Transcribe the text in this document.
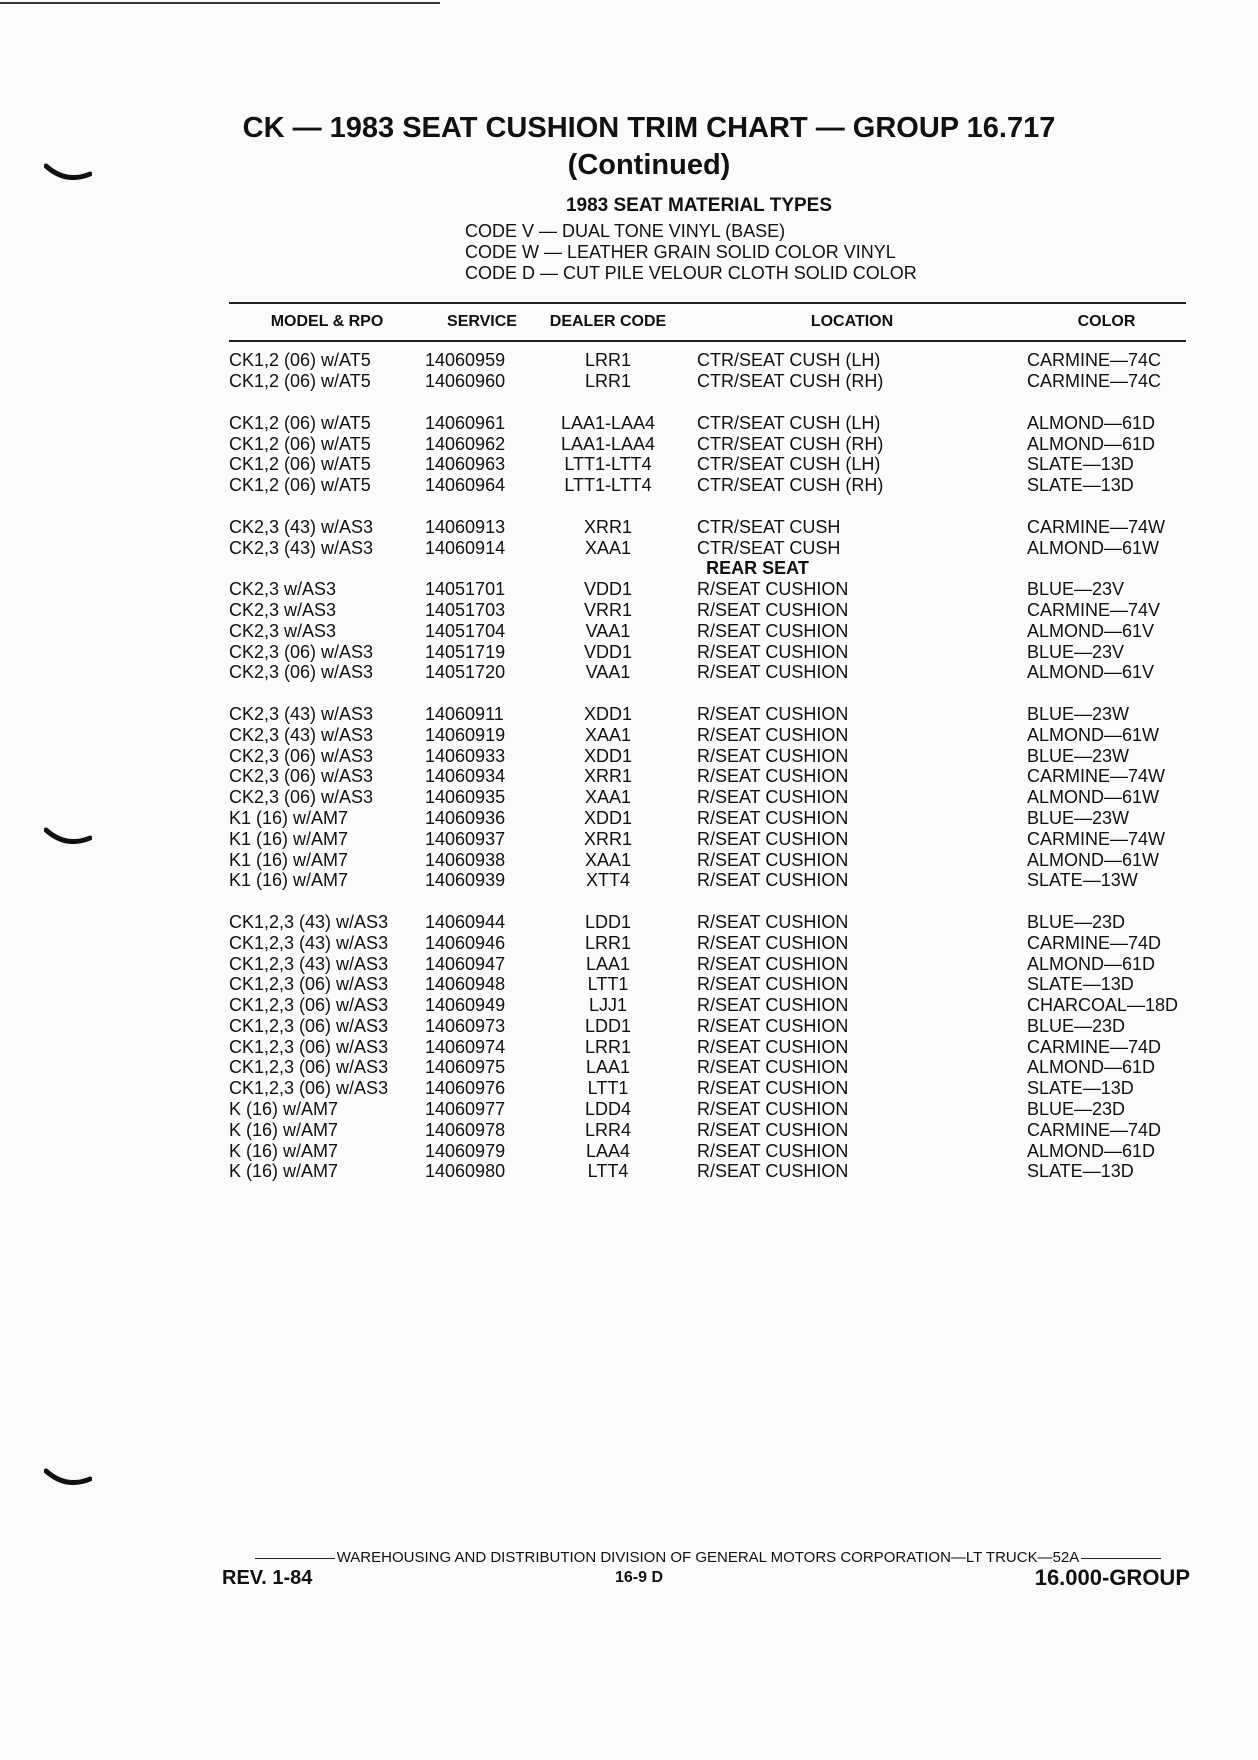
CK — 1983 SEAT CUSHION TRIM CHART — GROUP 16.717
(Continued)
1983 SEAT MATERIAL TYPES
CODE V — DUAL TONE VINYL (BASE)
CODE W — LEATHER GRAIN SOLID COLOR VINYL
CODE D — CUT PILE VELOUR CLOTH SOLID COLOR
MODEL & RPO	SERVICE	DEALER CODE	LOCATION	COLOR
CK1,2 (06) w/AT5	14060959	LRR1	CTR/SEAT CUSH (LH)	CARMINE—74C
CK1,2 (06) w/AT5	14060960	LRR1	CTR/SEAT CUSH (RH)	CARMINE—74C

CK1,2 (06) w/AT5	14060961	LAA1-LAA4	CTR/SEAT CUSH (LH)	ALMOND—61D
CK1,2 (06) w/AT5	14060962	LAA1-LAA4	CTR/SEAT CUSH (RH)	ALMOND—61D
CK1,2 (06) w/AT5	14060963	LTT1-LTT4	CTR/SEAT CUSH (LH)	SLATE—13D
CK1,2 (06) w/AT5	14060964	LTT1-LTT4	CTR/SEAT CUSH (RH)	SLATE—13D

CK2,3 (43) w/AS3	14060913	XRR1	CTR/SEAT CUSH	CARMINE—74W
CK2,3 (43) w/AS3	14060914	XAA1	CTR/SEAT CUSH	ALMOND—61W
REAR SEAT				
CK2,3 w/AS3	14051701	VDD1	R/SEAT CUSHION	BLUE—23V
CK2,3 w/AS3	14051703	VRR1	R/SEAT CUSHION	CARMINE—74V
CK2,3 w/AS3	14051704	VAA1	R/SEAT CUSHION	ALMOND—61V
CK2,3 (06) w/AS3	14051719	VDD1	R/SEAT CUSHION	BLUE—23V
CK2,3 (06) w/AS3	14051720	VAA1	R/SEAT CUSHION	ALMOND—61V

CK2,3 (43) w/AS3	14060911	XDD1	R/SEAT CUSHION	BLUE—23W
CK2,3 (43) w/AS3	14060919	XAA1	R/SEAT CUSHION	ALMOND—61W
CK2,3 (06) w/AS3	14060933	XDD1	R/SEAT CUSHION	BLUE—23W
CK2,3 (06) w/AS3	14060934	XRR1	R/SEAT CUSHION	CARMINE—74W
CK2,3 (06) w/AS3	14060935	XAA1	R/SEAT CUSHION	ALMOND—61W
K1 (16) w/AM7	14060936	XDD1	R/SEAT CUSHION	BLUE—23W
K1 (16) w/AM7	14060937	XRR1	R/SEAT CUSHION	CARMINE—74W
K1 (16) w/AM7	14060938	XAA1	R/SEAT CUSHION	ALMOND—61W
K1 (16) w/AM7	14060939	XTT4	R/SEAT CUSHION	SLATE—13W

CK1,2,3 (43) w/AS3	14060944	LDD1	R/SEAT CUSHION	BLUE—23D
CK1,2,3 (43) w/AS3	14060946	LRR1	R/SEAT CUSHION	CARMINE—74D
CK1,2,3 (43) w/AS3	14060947	LAA1	R/SEAT CUSHION	ALMOND—61D
CK1,2,3 (06) w/AS3	14060948	LTT1	R/SEAT CUSHION	SLATE—13D
CK1,2,3 (06) w/AS3	14060949	LJJ1	R/SEAT CUSHION	CHARCOAL—18D
CK1,2,3 (06) w/AS3	14060973	LDD1	R/SEAT CUSHION	BLUE—23D
CK1,2,3 (06) w/AS3	14060974	LRR1	R/SEAT CUSHION	CARMINE—74D
CK1,2,3 (06) w/AS3	14060975	LAA1	R/SEAT CUSHION	ALMOND—61D
CK1,2,3 (06) w/AS3	14060976	LTT1	R/SEAT CUSHION	SLATE—13D
K (16) w/AM7	14060977	LDD4	R/SEAT CUSHION	BLUE—23D
K (16) w/AM7	14060978	LRR4	R/SEAT CUSHION	CARMINE—74D
K (16) w/AM7	14060979	LAA4	R/SEAT CUSHION	ALMOND—61D
K (16) w/AM7	14060980	LTT4	R/SEAT CUSHION	SLATE—13D
WAREHOUSING AND DISTRIBUTION DIVISION OF GENERAL MOTORS CORPORATION—LT TRUCK—52A
REV. 1-84	16-9 D	16.000-GROUP
